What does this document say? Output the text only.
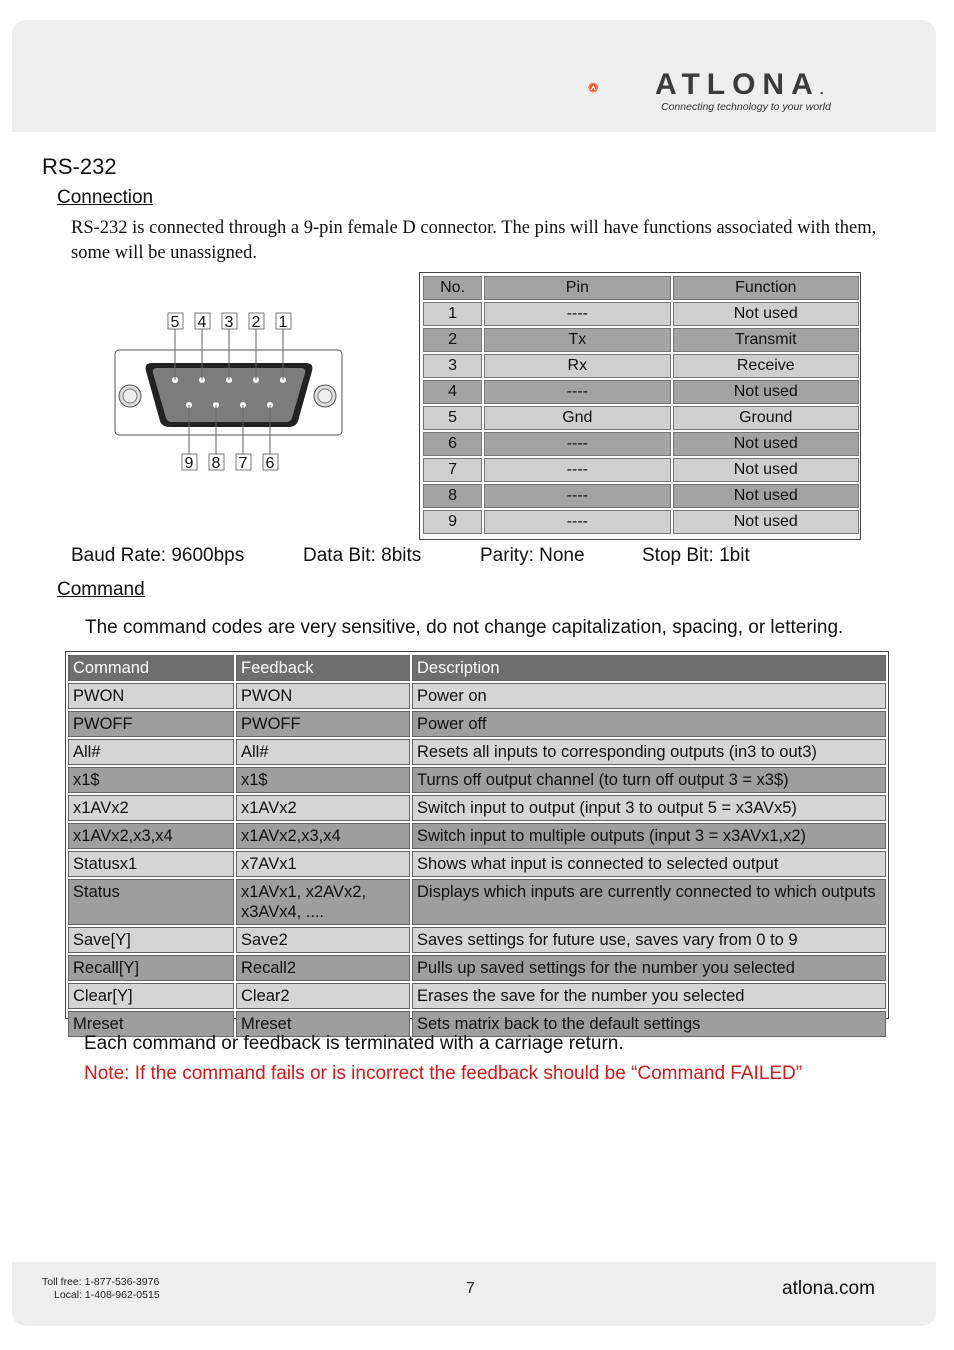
ATLONA.
Connecting technology to your world
RS-232
Connection
RS-232 is connected through a 9-pin female D connector. The pins will have functions associated with them, some will be unassigned.
5 4 3 2 1
9 8 7 6
No.	Pin	Function
1	----	Not used
2	Tx	Transmit
3	Rx	Receive
4	----	Not used
5	Gnd	Ground
6	----	Not used
7	----	Not used
8	----	Not used
9	----	Not used
Baud Rate: 9600bps	Data Bit: 8bits	Parity: None	Stop Bit: 1bit
Command
The command codes are very sensitive, do not change capitalization, spacing, or lettering.
Command	Feedback	Description
PWON	PWON	Power on
PWOFF	PWOFF	Power off
All#	All#	Resets all inputs to corresponding outputs (in3 to out3)
x1$	x1$	Turns off output channel (to turn off output 3 = x3$)
x1AVx2	x1AVx2	Switch input to output (input 3 to output 5 = x3AVx5)
x1AVx2,x3,x4	x1AVx2,x3,x4	Switch input to multiple outputs (input 3 = x3AVx1,x2)
Statusx1	x7AVx1	Shows what input is connected to selected output
Status	x1AVx1, x2AVx2, x3AVx4, ....	Displays which inputs are currently connected to which outputs
Save[Y]	Save2	Saves settings for future use, saves vary from 0 to 9
Recall[Y]	Recall2	Pulls up saved settings for the number you selected
Clear[Y]	Clear2	Erases the save for the number you selected
Mreset	Mreset	Sets matrix back to the default settings
Each command or feedback is terminated with a carriage return.
Note: If the command fails or is incorrect the feedback should be “Command FAILED”
Toll free: 1-877-536-3976
Local: 1-408-962-0515	7	atlona.com
